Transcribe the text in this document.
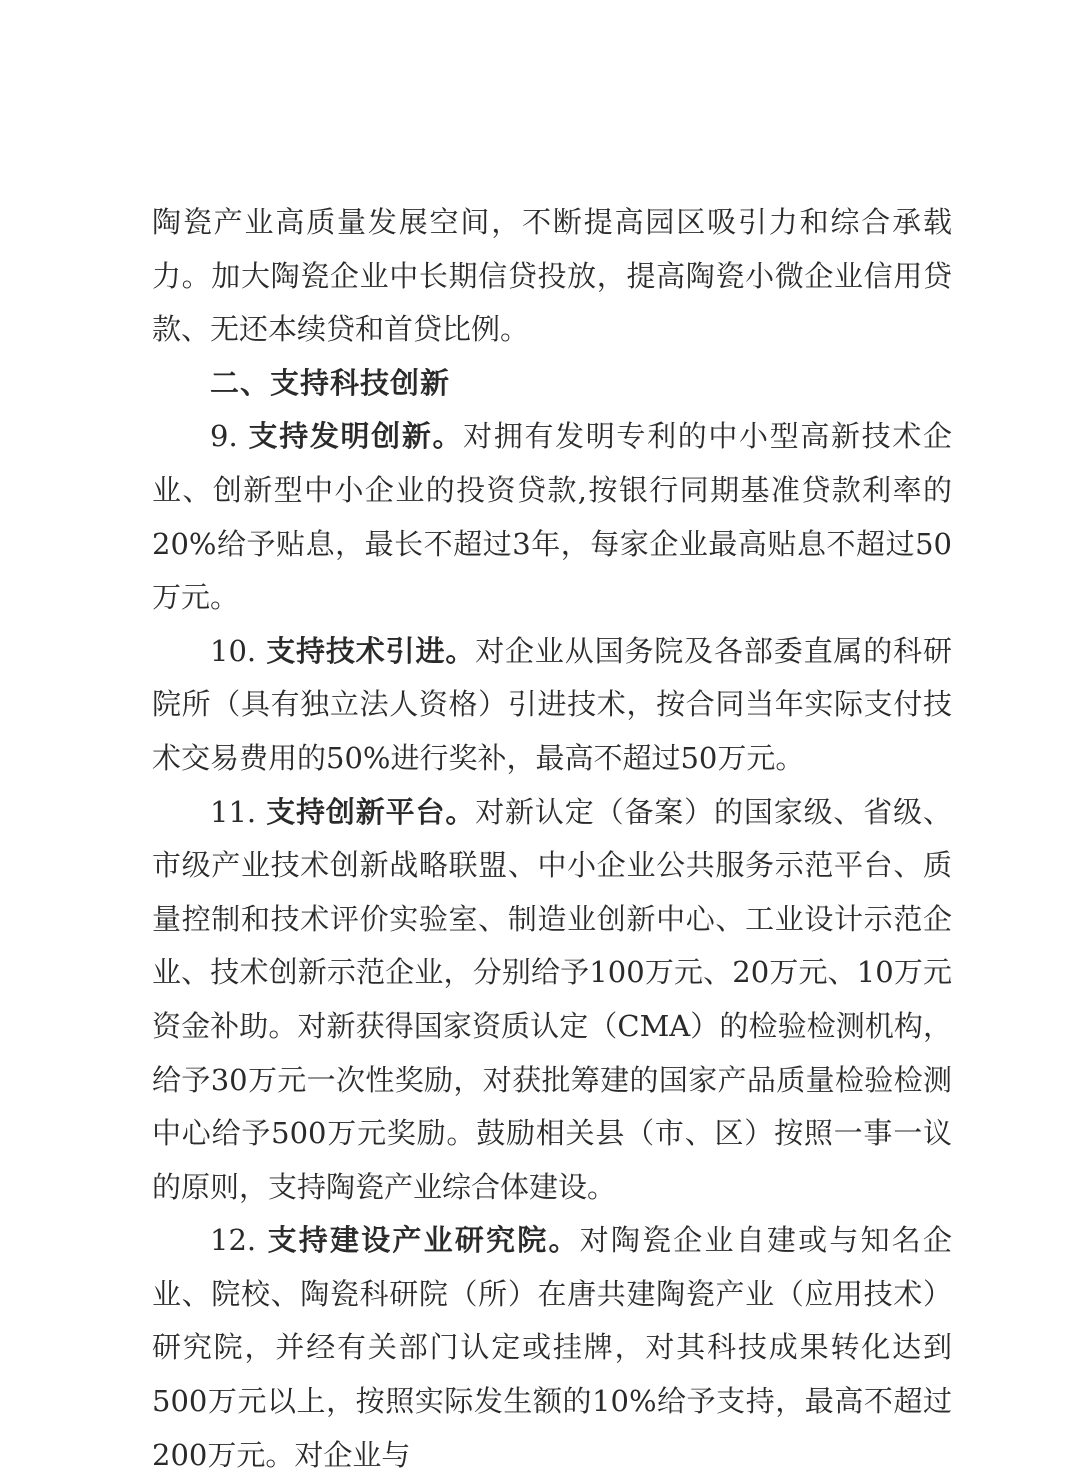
陶瓷产业高质量发展空间，不断提高园区吸引力和综合承载力。加大陶瓷企业中长期信贷投放，提高陶瓷小微企业信用贷款、无还本续贷和首贷比例。

二、支持科技创新

9. 支持发明创新。对拥有发明专利的中小型高新技术企业、创新型中小企业的投资贷款,按银行同期基准贷款利率的20%给予贴息，最长不超过3年，每家企业最高贴息不超过50万元。

10. 支持技术引进。对企业从国务院及各部委直属的科研院所（具有独立法人资格）引进技术，按合同当年实际支付技术交易费用的50%进行奖补，最高不超过50万元。

11. 支持创新平台。对新认定（备案）的国家级、省级、市级产业技术创新战略联盟、中小企业公共服务示范平台、质量控制和技术评价实验室、制造业创新中心、工业设计示范企业、技术创新示范企业，分别给予100万元、20万元、10万元资金补助。对新获得国家资质认定（CMA）的检验检测机构，给予30万元一次性奖励，对获批筹建的国家产品质量检验检测中心给予500万元奖励。鼓励相关县（市、区）按照一事一议的原则，支持陶瓷产业综合体建设。

12. 支持建设产业研究院。对陶瓷企业自建或与知名企业、院校、陶瓷科研院（所）在唐共建陶瓷产业（应用技术）研究院，并经有关部门认定或挂牌，对其科技成果转化达到500万元以上，按照实际发生额的10%给予支持，最高不超过200万元。对企业与
